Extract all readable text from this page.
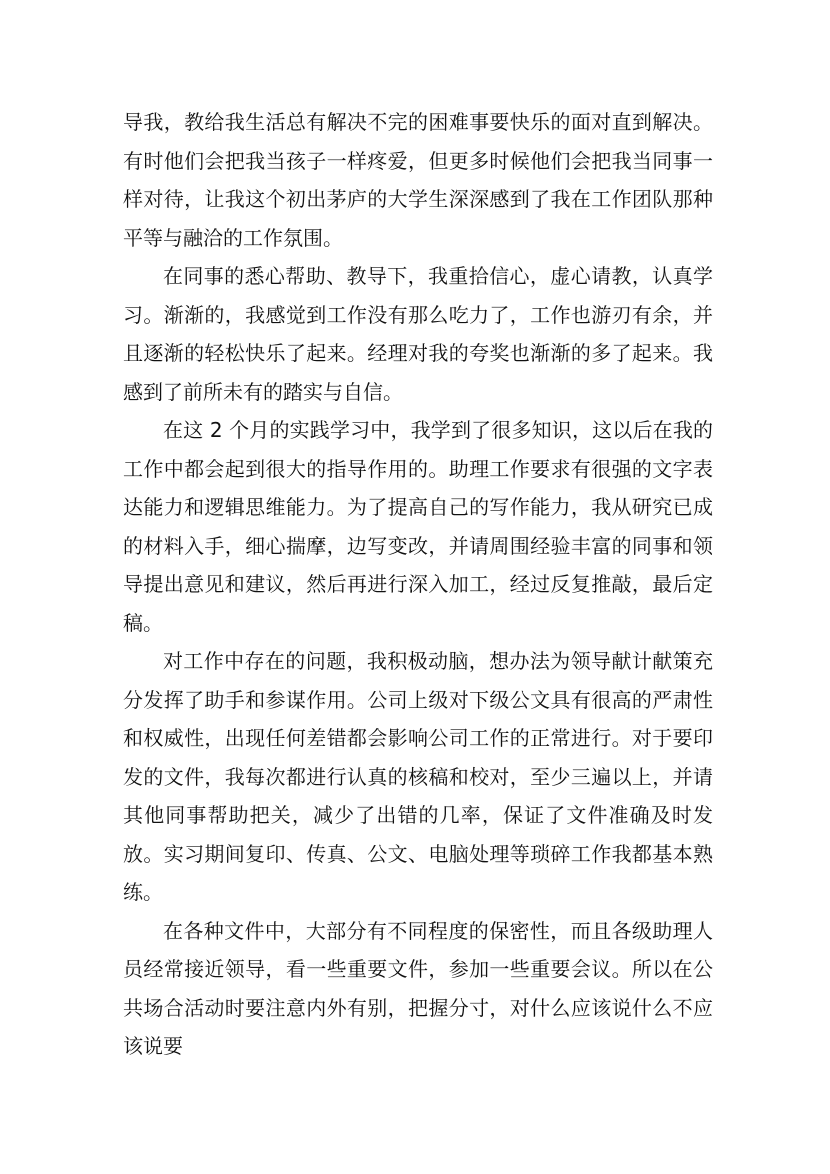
导我，教给我生活总有解决不完的困难事要快乐的面对直到解决。有时他们会把我当孩子一样疼爱，但更多时候他们会把我当同事一样对待，让我这个初出茅庐的大学生深深感到了我在工作团队那种平等与融洽的工作氛围。

在同事的悉心帮助、教导下，我重拾信心，虚心请教，认真学习。渐渐的，我感觉到工作没有那么吃力了，工作也游刃有余，并且逐渐的轻松快乐了起来。经理对我的夸奖也渐渐的多了起来。我感到了前所未有的踏实与自信。

在这 2 个月的实践学习中，我学到了很多知识，这以后在我的工作中都会起到很大的指导作用的。助理工作要求有很强的文字表达能力和逻辑思维能力。为了提高自己的写作能力，我从研究已成的材料入手，细心揣摩，边写变改，并请周围经验丰富的同事和领导提出意见和建议，然后再进行深入加工，经过反复推敲，最后定稿。

对工作中存在的问题，我积极动脑，想办法为领导献计献策充分发挥了助手和参谋作用。公司上级对下级公文具有很高的严肃性和权威性，出现任何差错都会影响公司工作的正常进行。对于要印发的文件，我每次都进行认真的核稿和校对，至少三遍以上，并请其他同事帮助把关，减少了出错的几率，保证了文件准确及时发放。实习期间复印、传真、公文、电脑处理等琐碎工作我都基本熟练。

在各种文件中，大部分有不同程度的保密性，而且各级助理人员经常接近领导，看一些重要文件，参加一些重要会议。所以在公共场合活动时要注意内外有别，把握分寸，对什么应该说什么不应该说要
